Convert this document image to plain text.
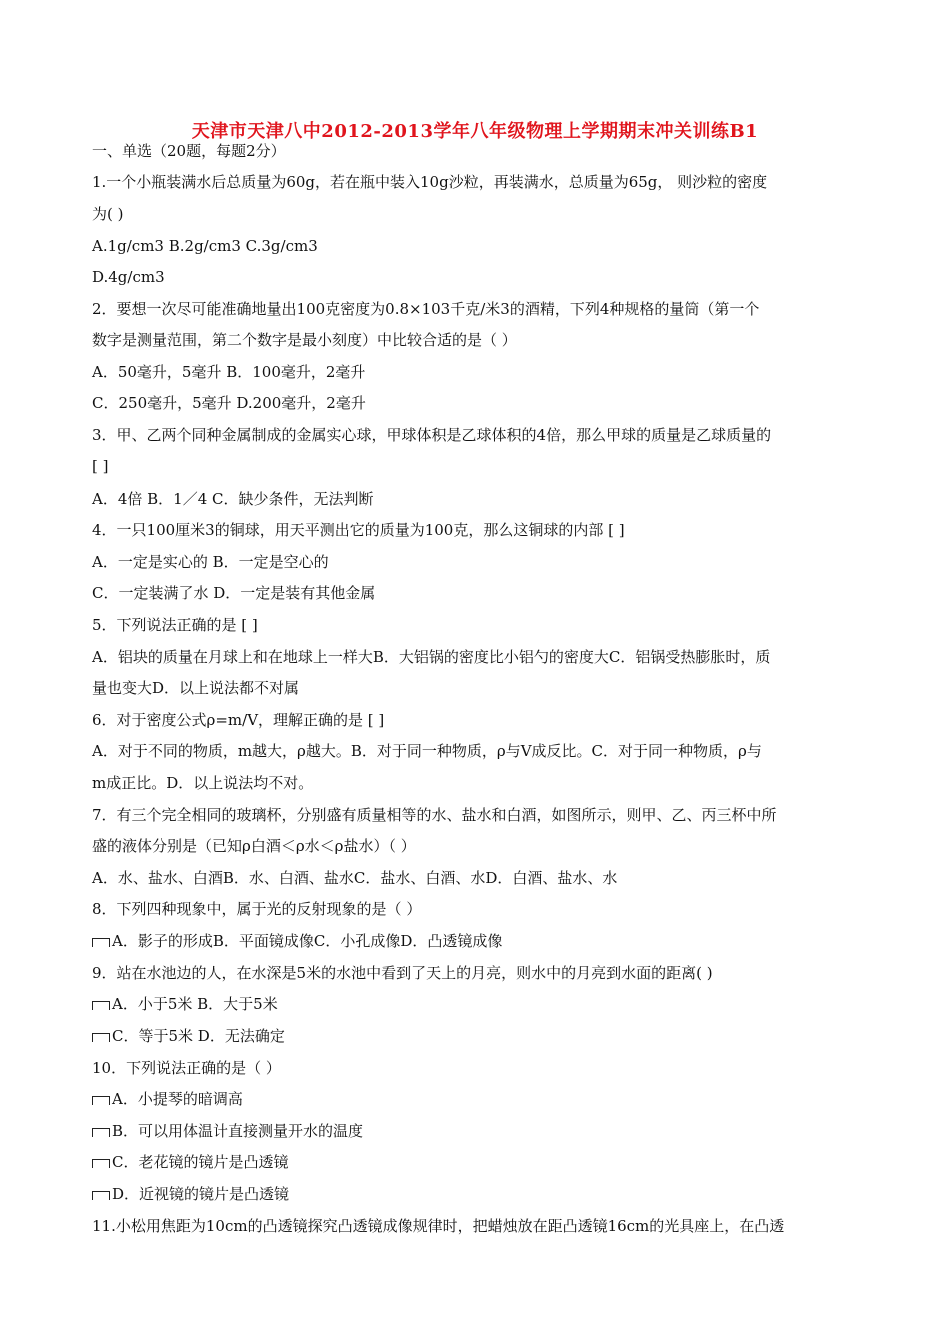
天津市天津八中2012-2013学年八年级物理上学期期末冲关训练B1
一、单选（20题，每题2分）
1.一个小瓶装满水后总质量为60g，若在瓶中装入10g沙粒，再装满水，总质量为65g， 则沙粒的密度
为( )
A.1g/cm3 B.2g/cm3 C.3g/cm3
D.4g/cm3
2．要想一次尽可能准确地量出100克密度为0.8×103千克/米3的酒精，下列4种规格的量筒（第一个
数字是测量范围，第二个数字是最小刻度）中比较合适的是（ ）
A．50毫升，5毫升 B．100毫升，2毫升
C．250毫升，5毫升 D.200毫升，2毫升
3．甲、乙两个同种金属制成的金属实心球，甲球体积是乙球体积的4倍，那么甲球的质量是乙球质量的
[ ]
A．4倍 B．1／4 C．缺少条件，无法判断
4．一只100厘米3的铜球，用天平测出它的质量为100克，那么这铜球的内部 [ ]
A．一定是实心的 B．一定是空心的
C．一定装满了水 D．一定是装有其他金属
5．下列说法正确的是 [ ]
A．铝块的质量在月球上和在地球上一样大B．大铝锅的密度比小铝勺的密度大C．铝锅受热膨胀时，质
量也变大D．以上说法都不对属
6．对于密度公式ρ=m/V，理解正确的是 [ ]
A．对于不同的物质，m越大，ρ越大。B．对于同一种物质，ρ与V成反比。C．对于同一种物质，ρ与
m成正比。D．以上说法均不对。
7．有三个完全相同的玻璃杯，分别盛有质量相等的水、盐水和白酒，如图所示，则甲、乙、丙三杯中所
盛的液体分别是（已知ρ白酒＜ρ水＜ρ盐水）（ ）
A．水、盐水、白酒B．水、白酒、盐水C．盐水、白酒、水D．白酒、盐水、水
8．下列四种现象中，属于光的反射现象的是（ ）
A．影子的形成B．平面镜成像C．小孔成像D．凸透镜成像
9．站在水池边的人，在水深是5米的水池中看到了天上的月亮，则水中的月亮到水面的距离( )
A．小于5米 B．大于5米
C．等于5米 D．无法确定
10．下列说法正确的是（ ）
A．小提琴的暗调高
B．可以用体温计直接测量开水的温度
C．老花镜的镜片是凸透镜
D．近视镜的镜片是凸透镜
11.小松用焦距为10cm的凸透镜探究凸透镜成像规律时，把蜡烛放在距凸透镜16cm的光具座上，在凸透
